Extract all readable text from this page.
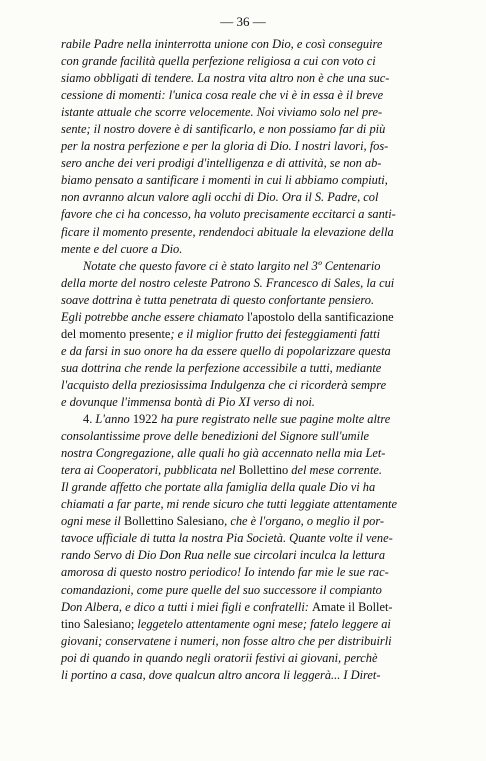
— 36 —
rabile Padre nella ininterrotta unione con Dio, e così conseguire
con grande facilità quella perfezione religiosa a cui con voto ci
siamo obbligati di tendere. La nostra vita altro non è che una suc-
cessione di momenti: l'unica cosa reale che vi è in essa è il breve
istante attuale che scorre velocemente. Noi viviamo solo nel pre-
sente; il nostro dovere è di santificarlo, e non possiamo far di più
per la nostra perfezione e per la gloria di Dio. I nostri lavori, fos-
sero anche dei veri prodigi d'intelligenza e di attività, se non ab-
biamo pensato a santificare i momenti in cui li abbiamo compiuti,
non avranno alcun valore agli occhi di Dio. Ora il S. Padre, col
favore che ci ha concesso, ha voluto precisamente eccitarci a santi-
ficare il momento presente, rendendoci abituale la elevazione della
mente e del cuore a Dio.
Notate che questo favore ci è stato largito nel 3º Centenario
della morte del nostro celeste Patrono S. Francesco di Sales, la cui
soave dottrina è tutta penetrata di questo confortante pensiero.
Egli potrebbe anche essere chiamato l'apostolo della santificazione
del momento presente; e il miglior frutto dei festeggiamenti fatti
e da farsi in suo onore ha da essere quello di popolarizzare questa
sua dottrina che rende la perfezione accessibile a tutti, mediante
l'acquisto della preziosissima Indulgenza che ci ricorderà sempre
e dovunque l'immensa bontà di Pio XI verso di noi.
4. L'anno 1922 ha pure registrato nelle sue pagine molte altre
consolantissime prove delle benedizioni del Signore sull'umile
nostra Congregazione, alle quali ho già accennato nella mia Let-
tera ai Cooperatori, pubblicata nel Bollettino del mese corrente.
Il grande affetto che portate alla famiglia della quale Dio vi ha
chiamati a far parte, mi rende sicuro che tutti leggiate attentamente
ogni mese il Bollettino Salesiano, che è l'organo, o meglio il por-
tavoce ufficiale di tutta la nostra Pia Società. Quante volte il vene-
rando Servo di Dio Don Rua nelle sue circolari inculca la lettura
amorosa di questo nostro periodico! Io intendo far mie le sue rac-
comandazioni, come pure quelle del suo successore il compianto
Don Albera, e dico a tutti i miei figli e confratelli: Amate il Bollet-
tino Salesiano; leggetelo attentamente ogni mese; fatelo leggere ai
giovani; conservatene i numeri, non fosse altro che per distribuirli
poi di quando in quando negli oratorii festivi ai giovani, perchè
li portino a casa, dove qualcun altro ancora li leggerà... I Diret-
